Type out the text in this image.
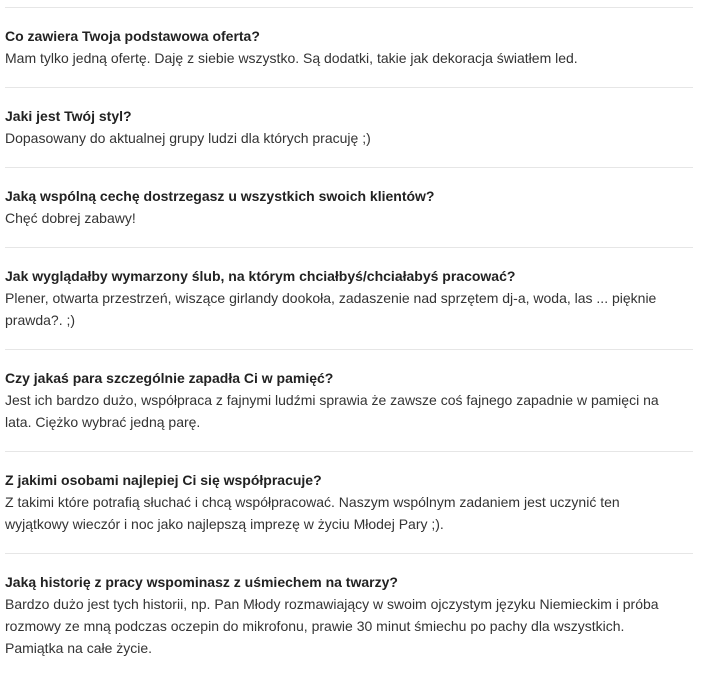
Co zawiera Twoja podstawowa oferta?

Mam tylko jedną ofertę. Daję z siebie wszystko. Są dodatki, takie jak dekoracja światłem led.

Jaki jest Twój styl?

Dopasowany do aktualnej grupy ludzi dla których pracuję ;)

Jaką wspólną cechę dostrzegasz u wszystkich swoich klientów?

Chęć dobrej zabawy!

Jak wyglądałby wymarzony ślub, na którym chciałbyś/chciałabyś pracować?

Plener, otwarta przestrzeń, wiszące girlandy dookoła, zadaszenie nad sprzętem dj-a, woda, las ... pięknie prawda?. ;)

Czy jakaś para szczególnie zapadła Ci w pamięć?

Jest ich bardzo dużo, współpraca z fajnymi ludźmi sprawia że zawsze coś fajnego zapadnie w pamięci na lata. Ciężko wybrać jedną parę.

Z jakimi osobami najlepiej Ci się współpracuje?

Z takimi które potrafią słuchać i chcą współpracować. Naszym wspólnym zadaniem jest uczynić ten wyjątkowy wieczór i noc jako najlepszą imprezę w życiu Młodej Pary ;).

Jaką historię z pracy wspominasz z uśmiechem na twarzy?

Bardzo dużo jest tych historii, np. Pan Młody rozmawiający w swoim ojczystym języku Niemieckim i próba rozmowy ze mną podczas oczepin do mikrofonu, prawie 30 minut śmiechu po pachy dla wszystkich. Pamiątka na całe życie.
